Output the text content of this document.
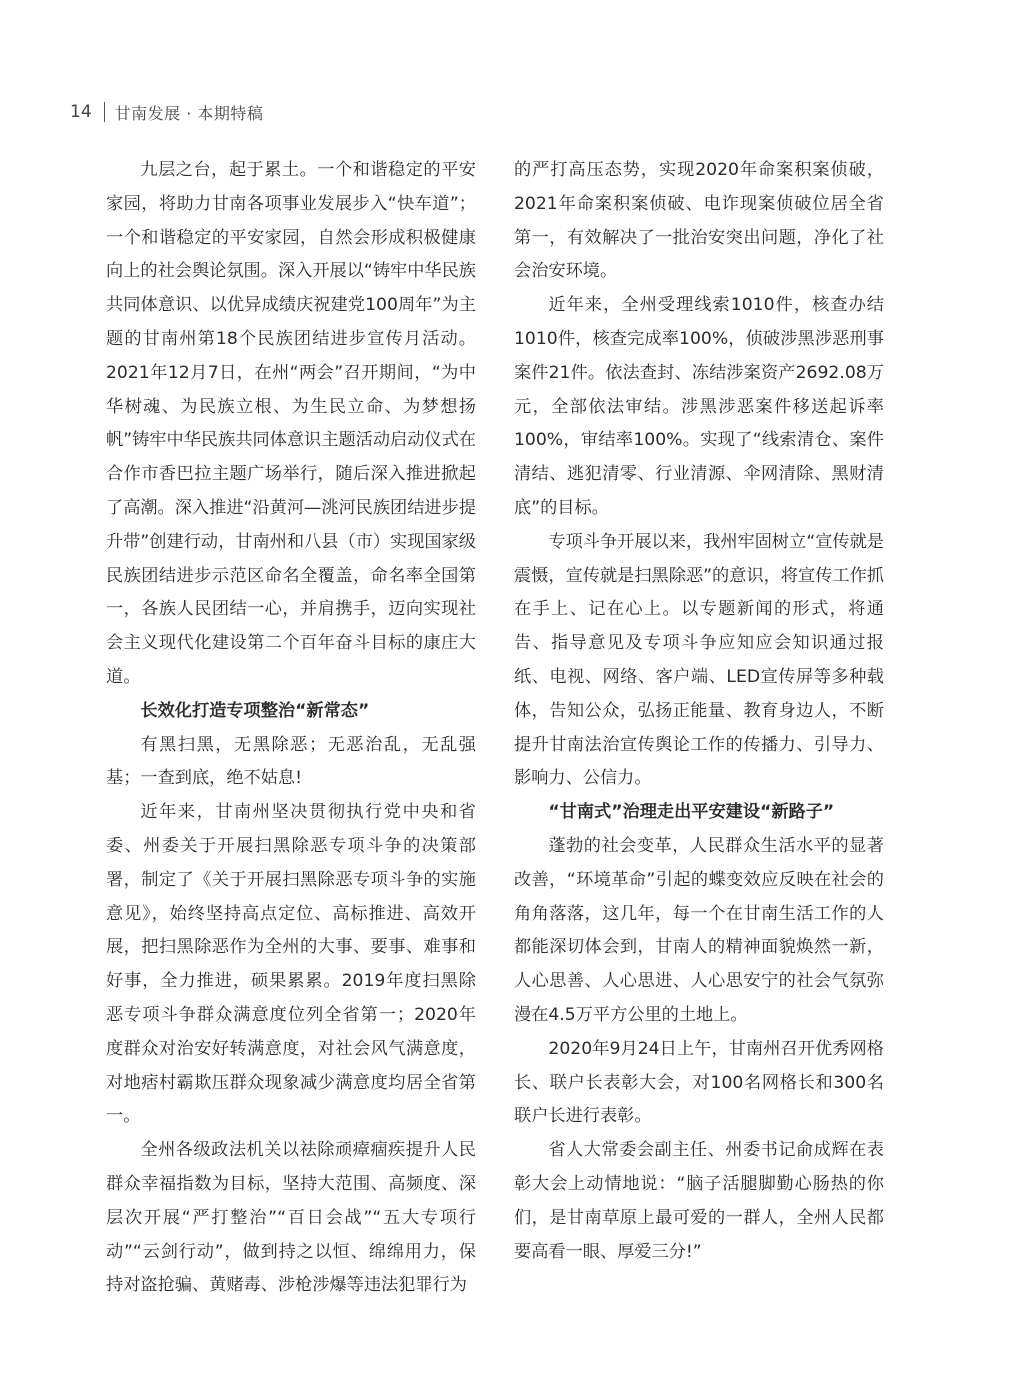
14 甘南发展 · 本期特稿

九层之台，起于累土。一个和谐稳定的平安家园，将助力甘南各项事业发展步入“快车道”；一个和谐稳定的平安家园，自然会形成积极健康向上的社会舆论氛围。深入开展以“铸牢中华民族共同体意识、以优异成绩庆祝建党100周年”为主题的甘南州第18个民族团结进步宣传月活动。2021年12月7日，在州“两会”召开期间，“为中华树魂、为民族立根、为生民立命、为梦想扬帆”铸牢中华民族共同体意识主题活动启动仪式在合作市香巴拉主题广场举行，随后深入推进掀起了高潮。深入推进“沿黄河—洮河民族团结进步提升带”创建行动，甘南州和八县（市）实现国家级民族团结进步示范区命名全覆盖，命名率全国第一，各族人民团结一心，并肩携手，迈向实现社会主义现代化建设第二个百年奋斗目标的康庄大道。

长效化打造专项整治“新常态”

有黑扫黑，无黑除恶；无恶治乱，无乱强基；一查到底，绝不姑息!

近年来，甘南州坚决贯彻执行党中央和省委、州委关于开展扫黑除恶专项斗争的决策部署，制定了《关于开展扫黑除恶专项斗争的实施意见》，始终坚持高点定位、高标推进、高效开展，把扫黑除恶作为全州的大事、要事、难事和好事，全力推进，硕果累累。2019年度扫黑除恶专项斗争群众满意度位列全省第一；2020年度群众对治安好转满意度，对社会风气满意度，对地痞村霸欺压群众现象减少满意度均居全省第一。

全州各级政法机关以祛除顽瘴痼疾提升人民群众幸福指数为目标，坚持大范围、高频度、深层次开展“严打整治”“百日会战”“五大专项行动”“云剑行动”，做到持之以恒、绵绵用力，保持对盗抢骗、黄赌毒、涉枪涉爆等违法犯罪行为

的严打高压态势，实现2020年命案积案侦破，2021年命案积案侦破、电诈现案侦破位居全省第一，有效解决了一批治安突出问题，净化了社会治安环境。

近年来，全州受理线索1010件，核查办结1010件，核查完成率100%，侦破涉黑涉恶刑事案件21件。依法查封、冻结涉案资产2692.08万元，全部依法审结。涉黑涉恶案件移送起诉率100%，审结率100%。实现了“线索清仓、案件清结、逃犯清零、行业清源、伞网清除、黑财清底”的目标。

专项斗争开展以来，我州牢固树立“宣传就是震慑，宣传就是扫黑除恶”的意识，将宣传工作抓在手上、记在心上。以专题新闻的形式，将通告、指导意见及专项斗争应知应会知识通过报纸、电视、网络、客户端、LED宣传屏等多种载体，告知公众，弘扬正能量、教育身边人，不断提升甘南法治宣传舆论工作的传播力、引导力、影响力、公信力。

“甘南式”治理走出平安建设“新路子”

蓬勃的社会变革，人民群众生活水平的显著改善，“环境革命”引起的蝶变效应反映在社会的角角落落，这几年，每一个在甘南生活工作的人都能深切体会到，甘南人的精神面貌焕然一新，人心思善、人心思进、人心思安宁的社会气氛弥漫在4.5万平方公里的土地上。

2020年9月24日上午，甘南州召开优秀网格长、联户长表彰大会，对100名网格长和300名联户长进行表彰。

省人大常委会副主任、州委书记俞成辉在表彰大会上动情地说：“脑子活腿脚勤心肠热的你们，是甘南草原上最可爱的一群人，全州人民都要高看一眼、厚爱三分!”
